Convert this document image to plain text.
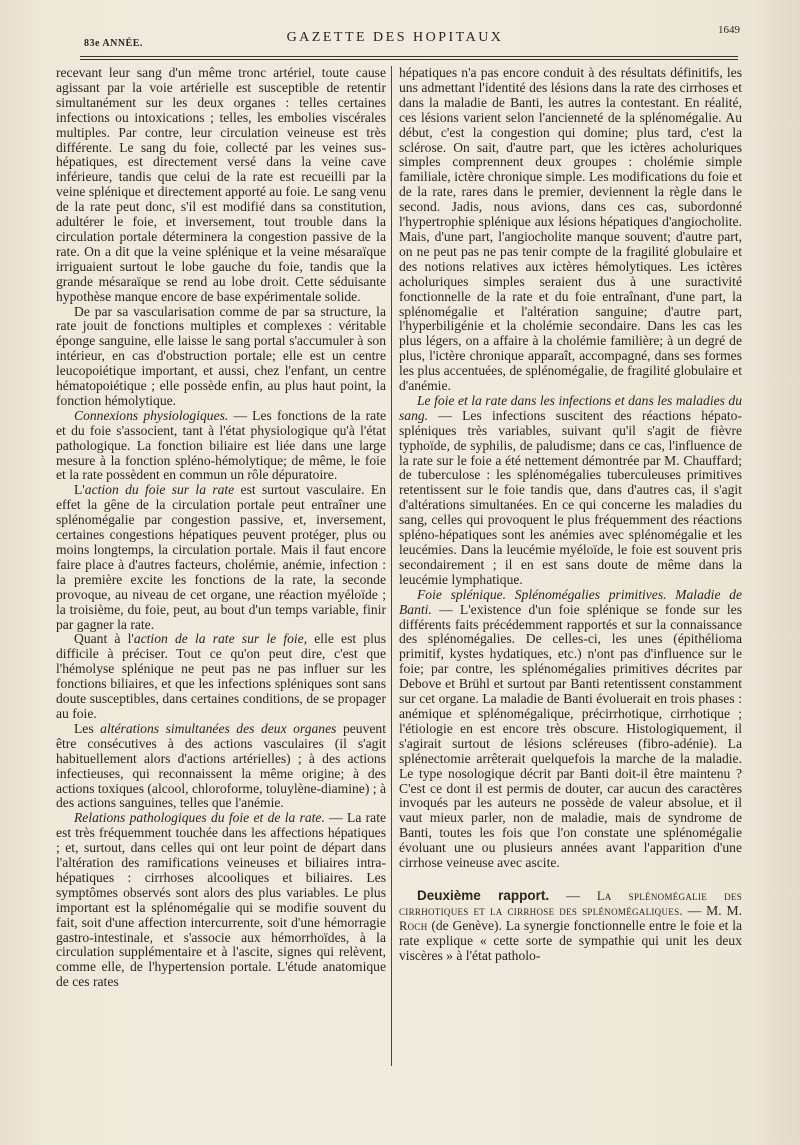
83e ANNÉE.	GAZETTE DES HOPITAUX	1649

recevant leur sang d'un même tronc artériel, toute cause agissant par la voie artérielle est susceptible de retentir simultanément sur les deux organes : telles certaines infections ou intoxications ; telles, les embolies viscérales multiples. Par contre, leur circulation veineuse est très différente. Le sang du foie, collecté par les veines sus-hépatiques, est directement versé dans la veine cave inférieure, tandis que celui de la rate est recueilli par la veine splénique et directement apporté au foie. Le sang venu de la rate peut donc, s'il est modifié dans sa constitution, adultérer le foie, et inversement, tout trouble dans la circulation portale déterminera la congestion passive de la rate. On a dit que la veine splénique et la veine mésaraïque irriguaient surtout le lobe gauche du foie, tandis que la grande mésaraïque se rend au lobe droit. Cette séduisante hypothèse manque encore de base expérimentale solide.

De par sa vascularisation comme de par sa structure, la rate jouit de fonctions multiples et complexes : véritable éponge sanguine, elle laisse le sang portal s'accumuler à son intérieur, en cas d'obstruction portale; elle est un centre leucopoiétique important, et aussi, chez l'enfant, un centre hématopoiétique ; elle possède enfin, au plus haut point, la fonction hémolytique.

Connexions physiologiques. — Les fonctions de la rate et du foie s'associent, tant à l'état physiologique qu'à l'état pathologique. La fonction biliaire est liée dans une large mesure à la fonction spléno-hémolytique; de même, le foie et la rate possèdent en commun un rôle dépuratoire.

L'action du foie sur la rate est surtout vasculaire. En effet la gêne de la circulation portale peut entraîner une splénomégalie par congestion passive, et, inversement, certaines congestions hépatiques peuvent protéger, plus ou moins longtemps, la circulation portale. Mais il faut encore faire place à d'autres facteurs, cholémie, anémie, infection : la première excite les fonctions de la rate, la seconde provoque, au niveau de cet organe, une réaction myéloïde ; la troisième, du foie, peut, au bout d'un temps variable, finir par gagner la rate.

Quant à l'action de la rate sur le foie, elle est plus difficile à préciser. Tout ce qu'on peut dire, c'est que l'hémolyse splénique ne peut pas ne pas influer sur les fonctions biliaires, et que les infections spléniques sont sans doute susceptibles, dans certaines conditions, de se propager au foie.

Les altérations simultanées des deux organes peuvent être consécutives à des actions vasculaires (il s'agit habituellement alors d'actions artérielles) ; à des actions infectieuses, qui reconnaissent la même origine; à des actions toxiques (alcool, chloroforme, toluylène-diamine) ; à des actions sanguines, telles que l'anémie.

Relations pathologiques du foie et de la rate. — La rate est très fréquemment touchée dans les affections hépatiques ; et, surtout, dans celles qui ont leur point de départ dans l'altération des ramifications veineuses et biliaires intra-hépatiques : cirrhoses alcooliques et biliaires. Les symptômes observés sont alors des plus variables. Le plus important est la splénomégalie qui se modifie souvent du fait, soit d'une affection intercurrente, soit d'une hémorragie gastro-intestinale, et s'associe aux hémorrhoïdes, à la circulation supplémentaire et à l'ascite, signes qui relèvent, comme elle, de l'hypertension portale. L'étude anatomique de ces rates

hépatiques n'a pas encore conduit à des résultats définitifs, les uns admettant l'identité des lésions dans la rate des cirrhoses et dans la maladie de Banti, les autres la contestant. En réalité, ces lésions varient selon l'ancienneté de la splénomégalie. Au début, c'est la congestion qui domine; plus tard, c'est la sclérose. On sait, d'autre part, que les ictères acholuriques simples comprennent deux groupes : cholémie simple familiale, ictère chronique simple. Les modifications du foie et de la rate, rares dans le premier, deviennent la règle dans le second. Jadis, nous avions, dans ces cas, subordonné l'hypertrophie splénique aux lésions hépatiques d'angiocholite. Mais, d'une part, l'angiocholite manque souvent; d'autre part, on ne peut pas ne pas tenir compte de la fragilité globulaire et des notions relatives aux ictères hémolytiques. Les ictères acholuriques simples seraient dus à une suractivité fonctionnelle de la rate et du foie entraînant, d'une part, la splénomégalie et l'altération sanguine; d'autre part, l'hyperbiligénie et la cholémie secondaire. Dans les cas les plus légers, on a affaire à la cholémie familière; à un degré de plus, l'ictère chronique apparaît, accompagné, dans ses formes les plus accentuées, de splénomégalie, de fragilité globulaire et d'anémie.

Le foie et la rate dans les infections et dans les maladies du sang. — Les infections suscitent des réactions hépato-spléniques très variables, suivant qu'il s'agit de fièvre typhoïde, de syphilis, de paludisme; dans ce cas, l'influence de la rate sur le foie a été nettement démontrée par M. Chauffard; de tuberculose : les splénomégalies tuberculeuses primitives retentissent sur le foie tandis que, dans d'autres cas, il s'agit d'altérations simultanées. En ce qui concerne les maladies du sang, celles qui provoquent le plus fréquemment des réactions spléno-hépatiques sont les anémies avec splénomégalie et les leucémies. Dans la leucémie myéloïde, le foie est souvent pris secondairement ; il en est sans doute de même dans la leucémie lymphatique.

Foie splénique. Splénomégalies primitives. Maladie de Banti. — L'existence d'un foie splénique se fonde sur les différents faits précédemment rapportés et sur la connaissance des splénomégalies. De celles-ci, les unes (épithélioma primitif, kystes hydatiques, etc.) n'ont pas d'influence sur le foie; par contre, les splénomégalies primitives décrites par Debove et Brühl et surtout par Banti retentissent constamment sur cet organe. La maladie de Banti évoluerait en trois phases : anémique et splénomégalique, précirrhotique, cirrhotique ; l'étiologie en est encore très obscure. Histologiquement, il s'agirait surtout de lésions scléreuses (fibro-adénie). La splénectomie arrêterait quelquefois la marche de la maladie. Le type nosologique décrit par Banti doit-il être maintenu ? C'est ce dont il est permis de douter, car aucun des caractères invoqués par les auteurs ne possède de valeur absolue, et il vaut mieux parler, non de maladie, mais de syndrome de Banti, toutes les fois que l'on constate une splénomégalie évoluant une ou plusieurs années avant l'apparition d'une cirrhose veineuse avec ascite.

Deuxième rapport. — La splénomégalie des cirrhotiques et la cirrhose des splénomégaliques. — M. M. Roch (de Genève). La synergie fonctionnelle entre le foie et la rate explique « cette sorte de sympathie qui unit les deux viscères » à l'état patholo-
